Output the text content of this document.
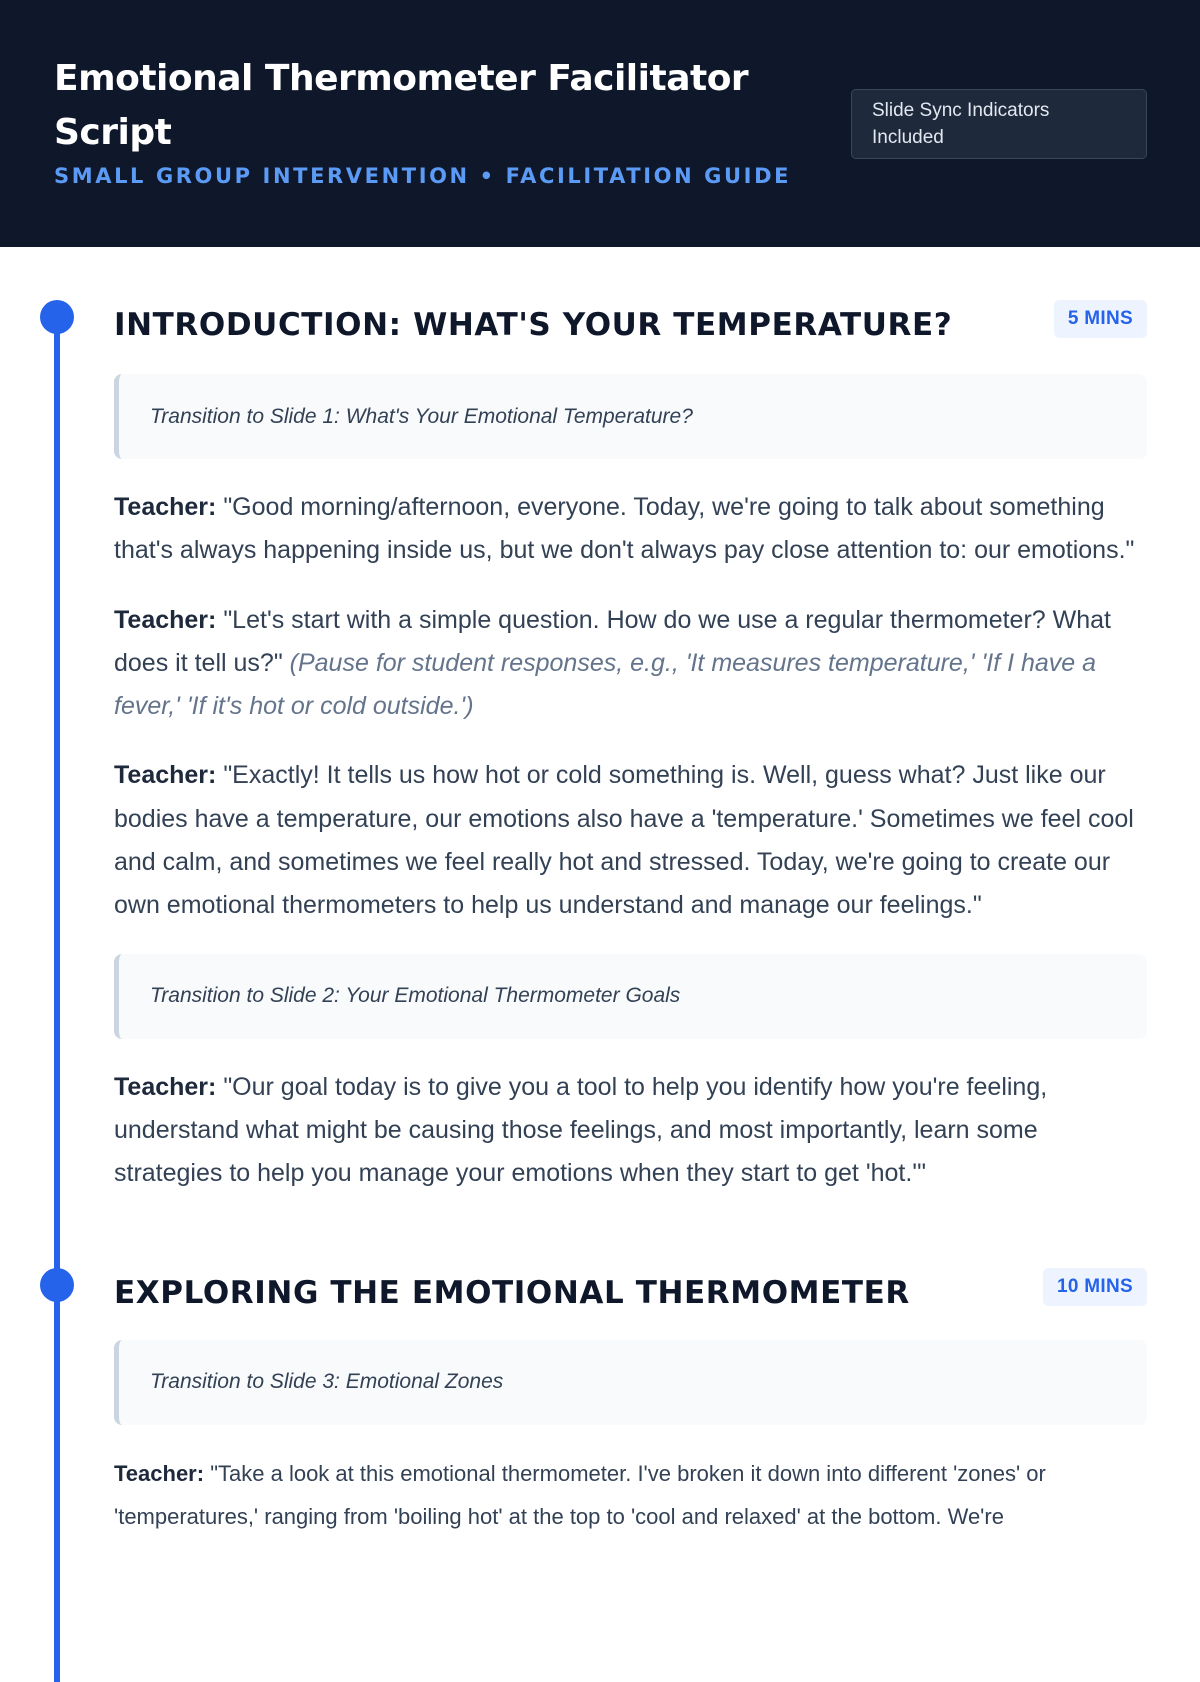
Emotional Thermometer Facilitator Script
SMALL GROUP INTERVENTION • FACILITATION GUIDE
Slide Sync Indicators Included
INTRODUCTION: WHAT'S YOUR TEMPERATURE?	5 MINS
Transition to Slide 1: What's Your Emotional Temperature?

Teacher: "Good morning/afternoon, everyone. Today, we're going to talk about something that's always happening inside us, but we don't always pay close attention to: our emotions."

Teacher: "Let's start with a simple question. How do we use a regular thermometer? What does it tell us?" (Pause for student responses, e.g., 'It measures temperature,' 'If I have a fever,' 'If it's hot or cold outside.')

Teacher: "Exactly! It tells us how hot or cold something is. Well, guess what? Just like our bodies have a temperature, our emotions also have a 'temperature.' Sometimes we feel cool and calm, and sometimes we feel really hot and stressed. Today, we're going to create our own emotional thermometers to help us understand and manage our feelings."

Transition to Slide 2: Your Emotional Thermometer Goals

Teacher: "Our goal today is to give you a tool to help you identify how you're feeling, understand what might be causing those feelings, and most importantly, learn some strategies to help you manage your emotions when they start to get 'hot.'"

EXPLORING THE EMOTIONAL THERMOMETER	10 MINS
Transition to Slide 3: Emotional Zones

Teacher: "Take a look at this emotional thermometer. I've broken it down into different 'zones' or 'temperatures,' ranging from 'boiling hot' at the top to 'cool and relaxed' at the bottom. We're
